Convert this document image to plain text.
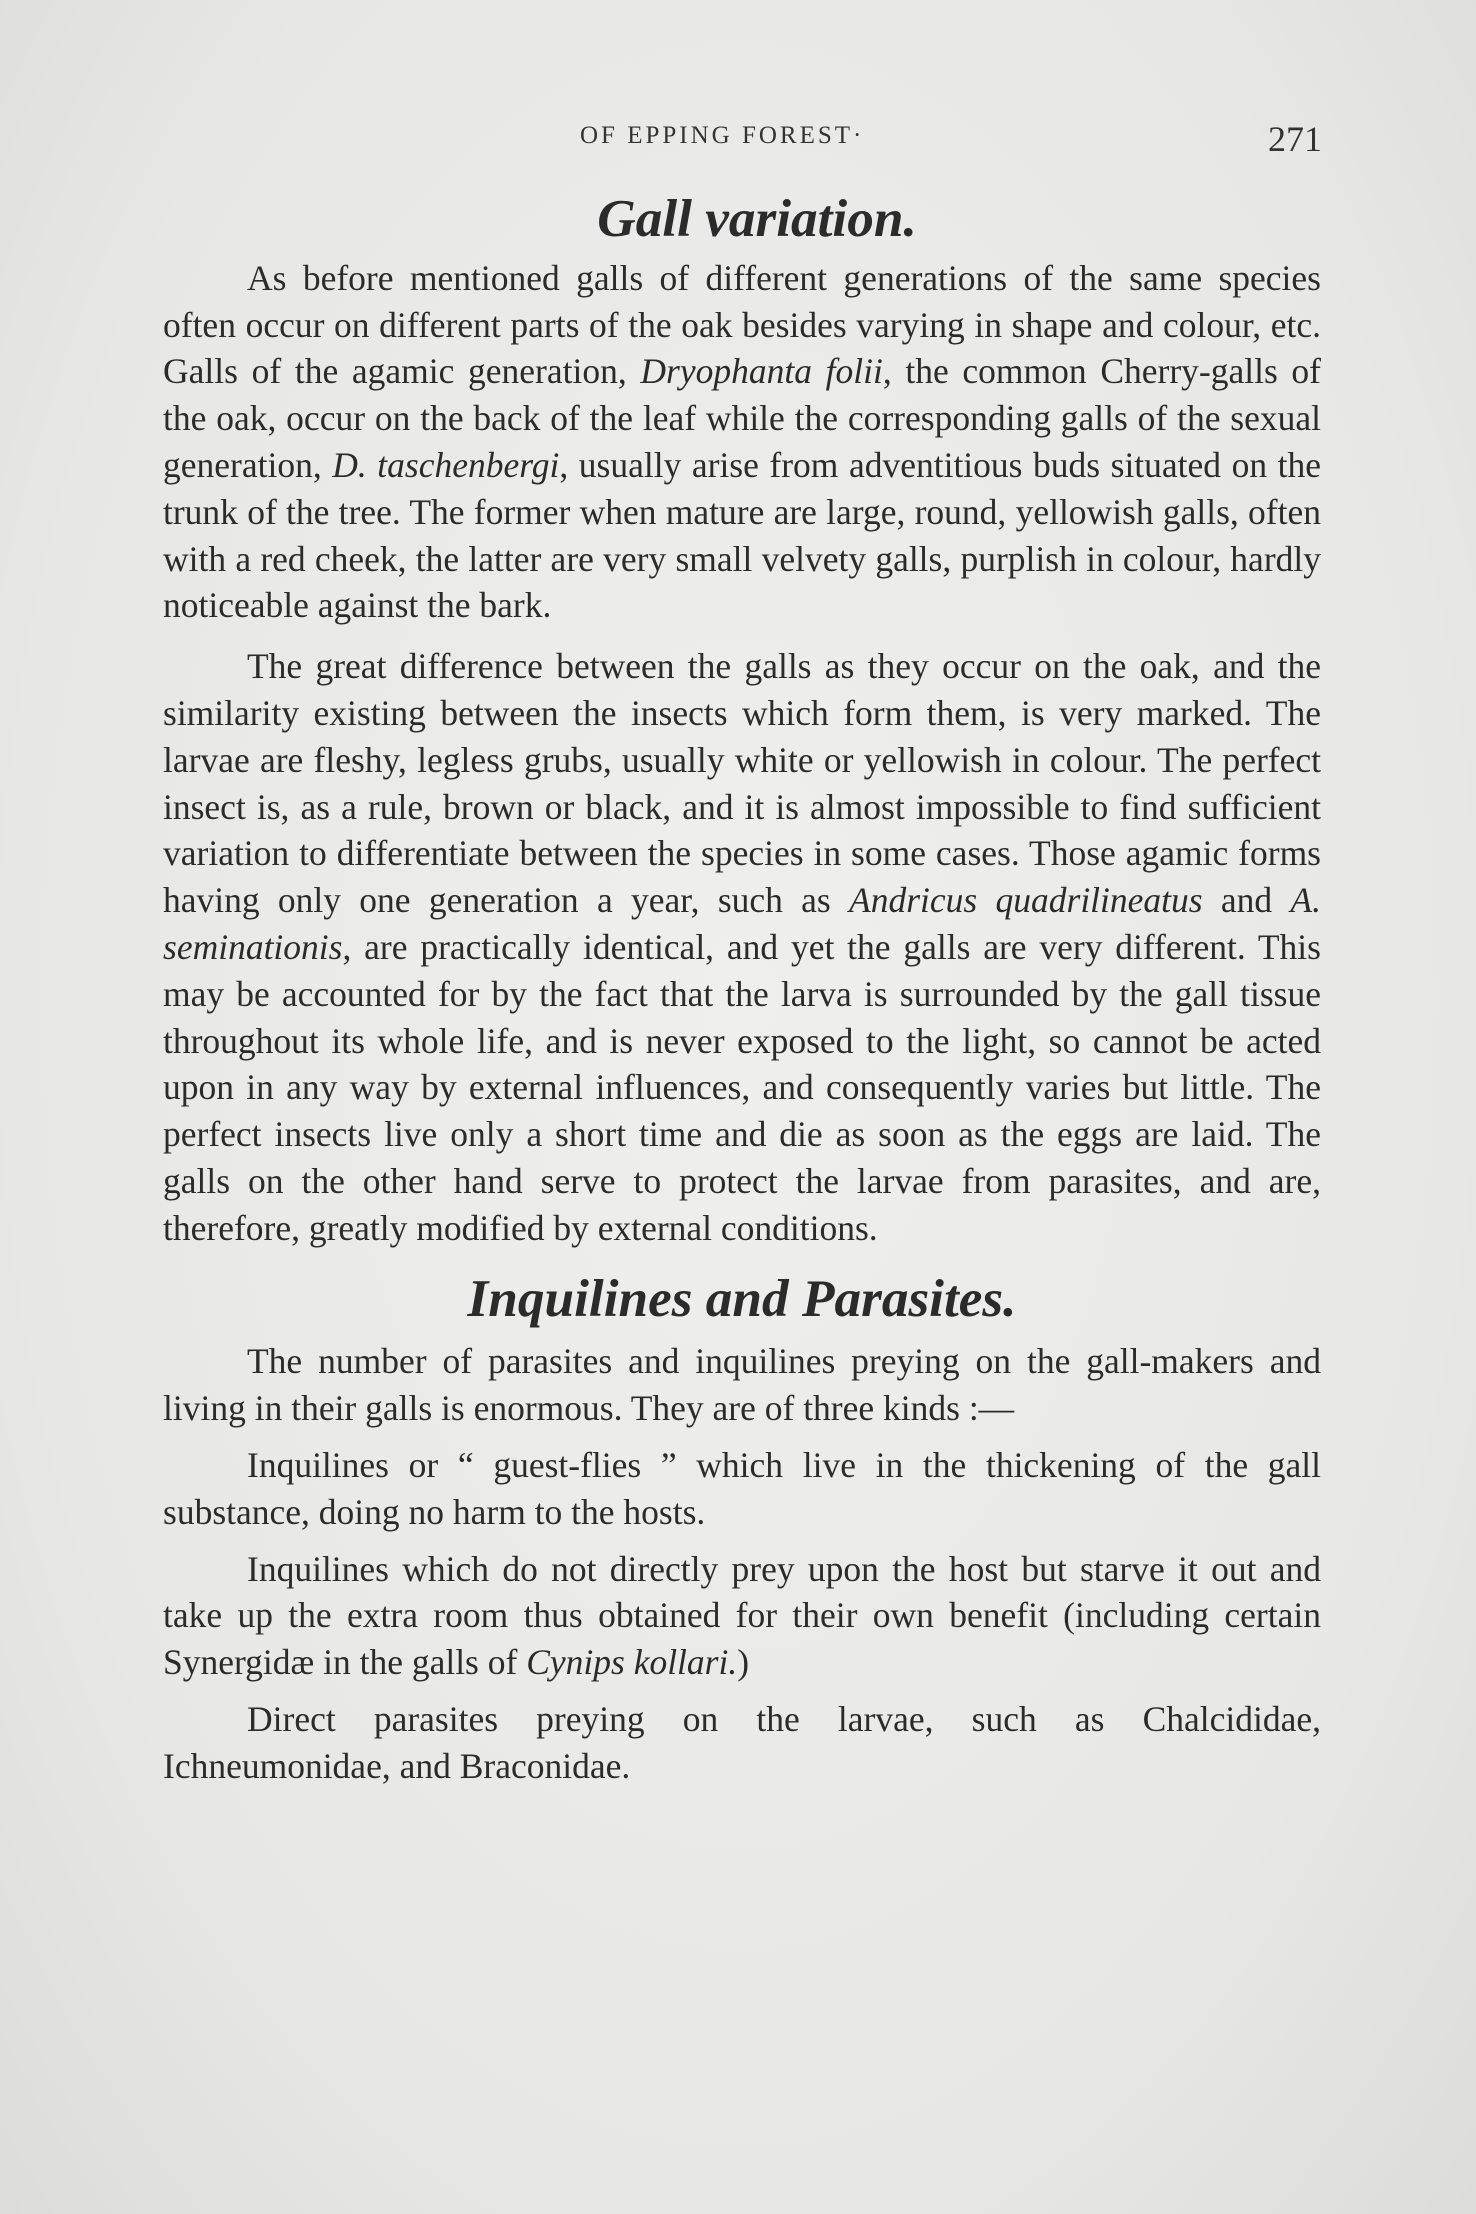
OF EPPING FOREST·	271
Gall variation.

As before mentioned galls of different generations of the same species often occur on different parts of the oak besides varying in shape and colour, etc. Galls of the agamic generation, Dryophanta folii, the common Cherry-galls of the oak, occur on the back of the leaf while the corresponding galls of the sexual generation, D. taschenbergi, usually arise from adventitious buds situated on the trunk of the tree. The former when mature are large, round, yellowish galls, often with a red cheek, the latter are very small velvety galls, purplish in colour, hardly noticeable against the bark.

The great difference between the galls as they occur on the oak, and the similarity existing between the insects which form them, is very marked. The larvae are fleshy, legless grubs, usually white or yellowish in colour. The perfect insect is, as a rule, brown or black, and it is almost impossible to find sufficient variation to differentiate between the species in some cases. Those agamic forms having only one generation a year, such as Andricus quadrilineatus and A. seminationis, are practically identical, and yet the galls are very different. This may be accounted for by the fact that the larva is surrounded by the gall tissue throughout its whole life, and is never exposed to the light, so cannot be acted upon in any way by external influences, and consequently varies but little. The perfect insects live only a short time and die as soon as the eggs are laid. The galls on the other hand serve to protect the larvae from parasites, and are, therefore, greatly modified by external conditions.

Inquilines and Parasites.

The number of parasites and inquilines preying on the gall-makers and living in their galls is enormous. They are of three kinds :—

Inquilines or “ guest-flies ” which live in the thickening of the gall substance, doing no harm to the hosts.

Inquilines which do not directly prey upon the host but starve it out and take up the extra room thus obtained for their own benefit (including certain Synergidæ in the galls of Cynips kollari.)

Direct parasites preying on the larvae, such as Chalcididae, Ichneumonidae, and Braconidae.
